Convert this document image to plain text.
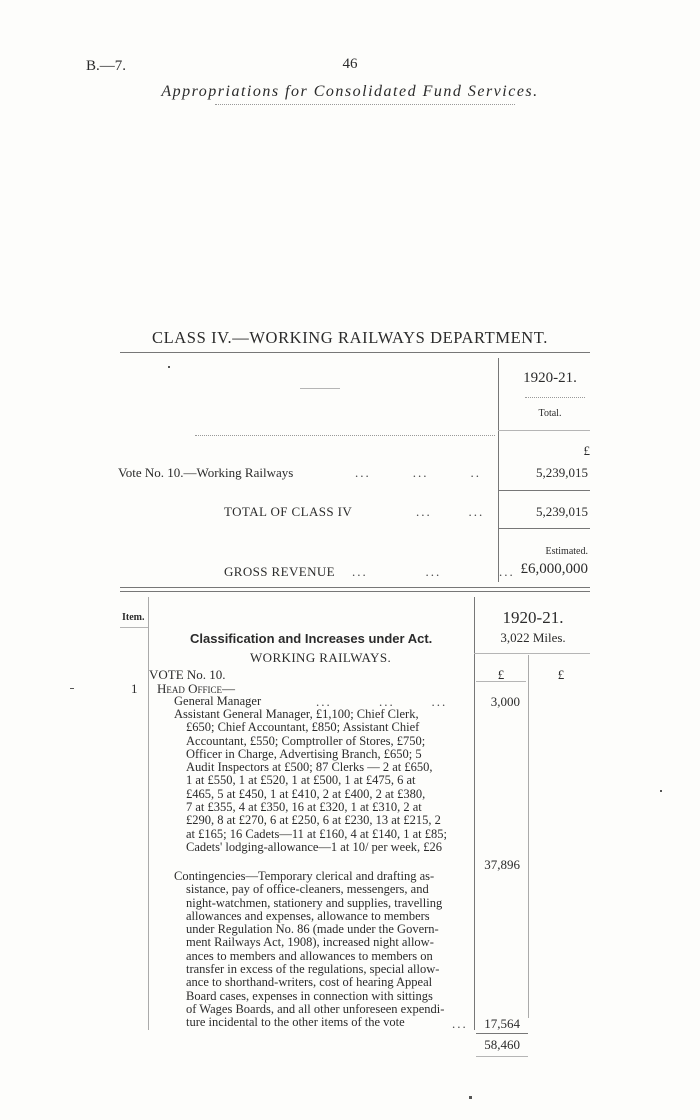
B.—7.	46
Appropriations for Consolidated Fund Services.
CLASS IV.—WORKING RAILWAYS DEPARTMENT.
1920-21.
Total.
£
Vote No. 10.—Working Railways	...        ...        ..	5,239,015
TOTAL OF CLASS IV	...       ...	5,239,015
Estimated.
GROSS REVENUE ...           ...           ... £6,000,000
Item.	1920-21.
3,022 Miles.
Classification and Increases under Act.
WORKING RAILWAYS.
VOTE No. 10.	£	£
1 Head Office—
General Manager	...         ...       ...	3,000
Assistant General Manager, £1,100; Chief Clerk,
£650; Chief Accountant, £850; Assistant Chief
Accountant, £550; Comptroller of Stores, £750;
Officer in Charge, Advertising Branch, £650; 5
Audit Inspectors at £500; 87 Clerks — 2 at £650,
1 at £550, 1 at £520, 1 at £500, 1 at £475, 6 at
£465, 5 at £450, 1 at £410, 2 at £400, 2 at £380,
7 at £355, 4 at £350, 16 at £320, 1 at £310, 2 at
£290, 8 at £270, 6 at £250, 6 at £230, 13 at £215, 2
at £165; 16 Cadets—11 at £160, 4 at £140, 1 at £85;
Cadets' lodging-allowance—1 at 10/ per week, £26
37,896
Contingencies—Temporary clerical and drafting as-
sistance, pay of office-cleaners, messengers, and
night-watchmen, stationery and supplies, travelling
allowances and expenses, allowance to members
under Regulation No. 86 (made under the Govern-
ment Railways Act, 1908), increased night allow-
ances to members and allowances to members on
transfer in excess of the regulations, special allow-
ance to shorthand-writers, cost of hearing Appeal
Board cases, expenses in connection with sittings
of Wages Boards, and all other unforeseen expendi-
ture incidental to the other items of the vote	...	17,564
58,460
